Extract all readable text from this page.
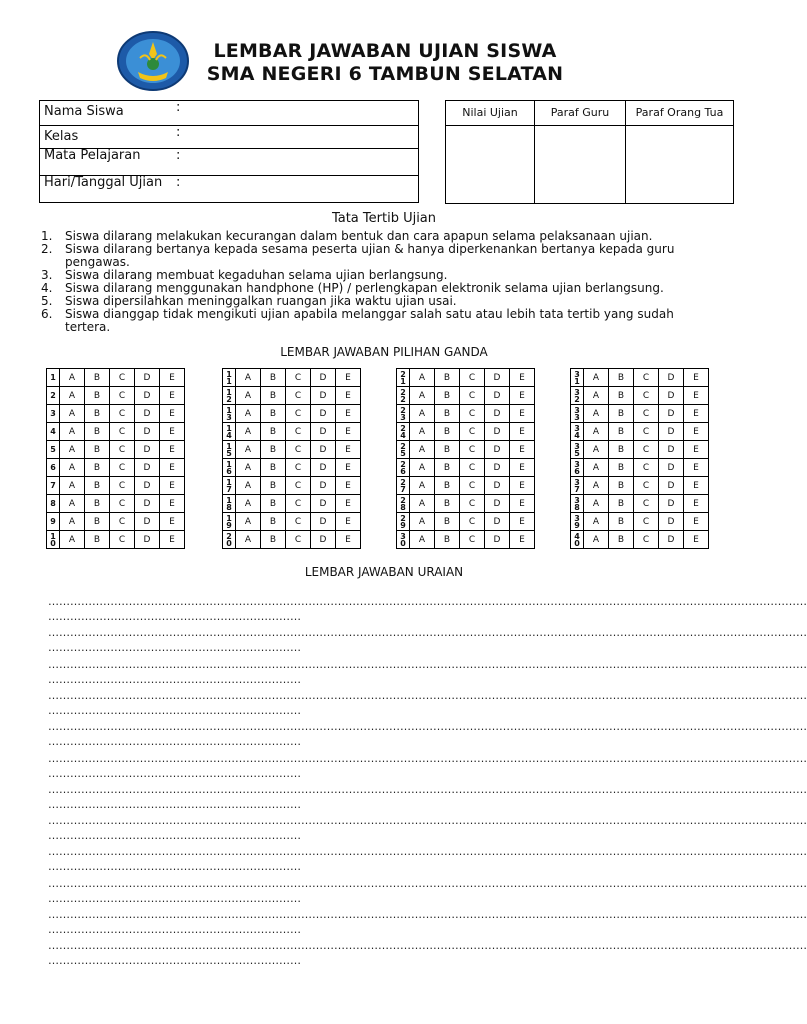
LEMBAR JAWABAN UJIAN SISWA
SMA NEGERI 6 TAMBUN SELATAN
Nama Siswa	:
Kelas	:
Mata Pelajaran	:
Hari/Tanggal Ujian	:
Nilai Ujian	Paraf Guru	Paraf Orang Tua

Tata Tertib Ujian
1. Siswa dilarang melakukan kecurangan dalam bentuk dan cara apapun selama pelaksanaan ujian.
2. Siswa dilarang bertanya kepada sesama peserta ujian & hanya diperkenankan bertanya kepada guru pengawas.
3. Siswa dilarang membuat kegaduhan selama ujian berlangsung.
4. Siswa dilarang menggunakan handphone (HP) / perlengkapan elektronik selama ujian berlangsung.
5. Siswa dipersilahkan meninggalkan ruangan jika waktu ujian usai.
6. Siswa dianggap tidak mengikuti ujian apabila melanggar salah satu atau lebih tata tertib yang sudah tertera.
LEMBAR JAWABAN PILIHAN GANDA
1	A	B	C	D	E
2	A	B	C	D	E
3	A	B	C	D	E
4	A	B	C	D	E
5	A	B	C	D	E
6	A	B	C	D	E
7	A	B	C	D	E
8	A	B	C	D	E
9	A	B	C	D	E
10	A	B	C	D	E
11	A	B	C	D	E
12	A	B	C	D	E
13	A	B	C	D	E
14	A	B	C	D	E
15	A	B	C	D	E
16	A	B	C	D	E
17	A	B	C	D	E
18	A	B	C	D	E
19	A	B	C	D	E
20	A	B	C	D	E
21	A	B	C	D	E
22	A	B	C	D	E
23	A	B	C	D	E
24	A	B	C	D	E
25	A	B	C	D	E
26	A	B	C	D	E
27	A	B	C	D	E
28	A	B	C	D	E
29	A	B	C	D	E
30	A	B	C	D	E
31	A	B	C	D	E
32	A	B	C	D	E
33	A	B	C	D	E
34	A	B	C	D	E
35	A	B	C	D	E
36	A	B	C	D	E
37	A	B	C	D	E
38	A	B	C	D	E
39	A	B	C	D	E
40	A	B	C	D	E
LEMBAR JAWABAN URAIAN
………………………………………………………………………………………………………………………………………………………………………………………
……………………………………………………………
………………………………………………………………………………………………………………………………………………………………………………………
……………………………………………………………
………………………………………………………………………………………………………………………………………………………………………………………
……………………………………………………………
………………………………………………………………………………………………………………………………………………………………………………………
……………………………………………………………
………………………………………………………………………………………………………………………………………………………………………………………
……………………………………………………………
………………………………………………………………………………………………………………………………………………………………………………………
……………………………………………………………
………………………………………………………………………………………………………………………………………………………………………………………
……………………………………………………………
………………………………………………………………………………………………………………………………………………………………………………………
……………………………………………………………
………………………………………………………………………………………………………………………………………………………………………………………
……………………………………………………………
………………………………………………………………………………………………………………………………………………………………………………………
……………………………………………………………
………………………………………………………………………………………………………………………………………………………………………………………
……………………………………………………………
………………………………………………………………………………………………………………………………………………………………………………………
……………………………………………………………
